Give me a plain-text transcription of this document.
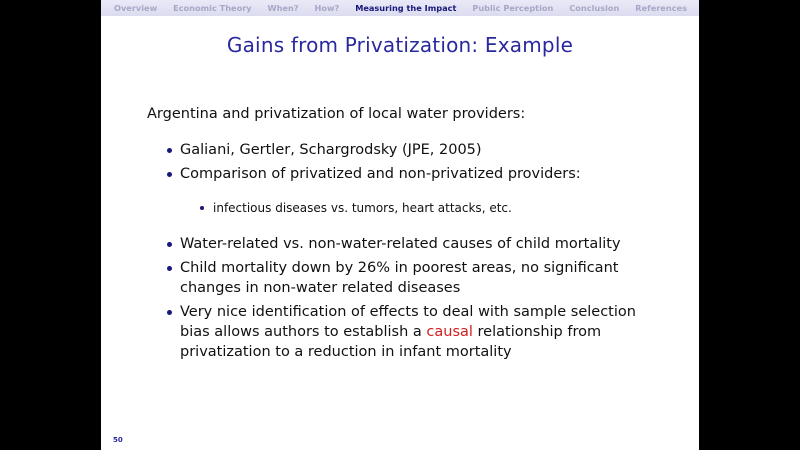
Overview Economic Theory When? How? Measuring the Impact Public Perception Conclusion References
Gains from Privatization: Example

Argentina and privatization of local water providers:

Galiani, Gertler, Schargrodsky (JPE, 2005)
Comparison of privatized and non-privatized providers:
infectious diseases vs. tumors, heart attacks, etc.
Water-related vs. non-water-related causes of child mortality
Child mortality down by 26% in poorest areas, no significant changes in non-water related diseases
Very nice identification of effects to deal with sample selection bias allows authors to establish a causal relationship from privatization to a reduction in infant mortality
50
